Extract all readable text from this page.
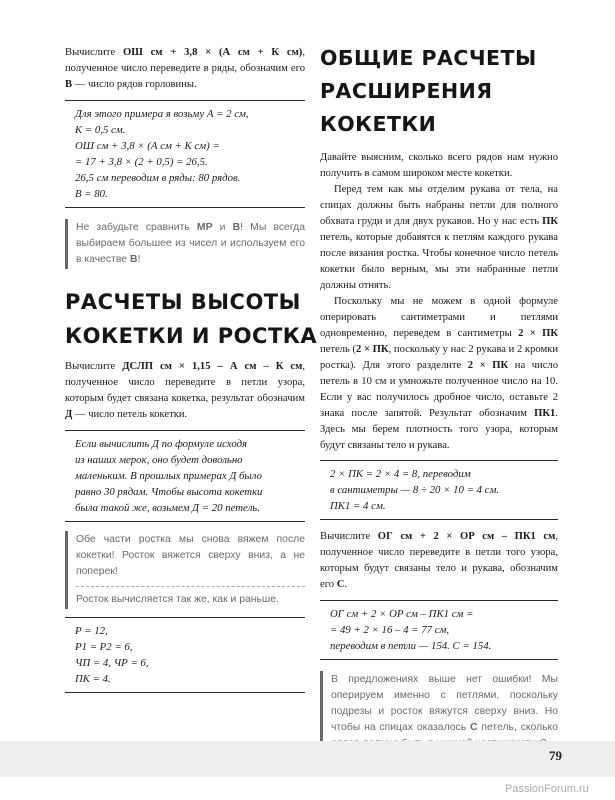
Вычислите ОШ см + 3,8 × (А см + К см), полученное число переведите в ряды, обозначим его В — число рядов горловины.

Для этого примера я возьму А = 2 см,
К = 0,5 см.
ОШ см + 3,8 × (А см + К см) =
= 17 + 3,8 × (2 + 0,5) = 26,5.
26,5 см переводим в ряды: 80 рядов.
В = 80.

Не забудьте сравнить МР и В! Мы всегда выбираем большее из чисел и используем его в качестве В!

РАСЧЕТЫ ВЫСОТЫ
КОКЕТКИ И РОСТКА

Вычислите ДСЛП см × 1,15 – А см – К см, полученное число переведите в петли узора, которым будет связана кокетка, результат обозначим Д — число петель кокетки.

Если вычислить Д по формуле исходя
из наших мерок, оно будет довольно
маленьким. В прошлых примерах Д было
равно 30 рядам. Чтобы высота кокетки
была такой же, возьмем Д = 20 петель.

Обе части ростка мы снова вяжем после кокетки! Росток вяжется сверху вниз, а не поперек!

Росток вычисляется так же, как и раньше.

Р = 12,
Р1 = Р2 = 6,
ЧП = 4, ЧР = 6,
ПК = 4.
ОБЩИЕ РАСЧЕТЫ
РАСШИРЕНИЯ
КОКЕТКИ

Давайте выясним, сколько всего рядов нам нужно получить в самом широком месте кокетки.

Перед тем как мы отделим рукава от тела, на спицах должны быть набраны петли для полного обхвата груди и для двух рукавов. Но у нас есть ПК петель, которые добавятся к петлям каждого рукава после вязания ростка. Чтобы конечное число петель кокетки было верным, мы эти набранные петли должны отнять.

Поскольку мы не можем в одной формуле оперировать сантиметрами и петлями одновременно, переведем в сантиметры 2 × ПК петель (2 × ПК, поскольку у нас 2 рукава и 2 кромки ростка). Для этого разделите 2 × ПК на число петель в 10 см и умножьте полученное число на 10. Если у вас получилось дробное число, оставьте 2 знака после запятой. Результат обозначим ПК1. Здесь мы берем плотность того узора, которым будут связаны тело и рукава.

2 × ПК = 2 × 4 = 8, переводим
в сантиметры — 8 ÷ 20 × 10 = 4 см.
ПК1 = 4 см.

Вычислите ОГ см + 2 × ОР см – ПК1 см, полученное число переведите в петли того узора, которым будут связаны тело и рукава, обозначим его С.

ОГ см + 2 × ОР см – ПК1 см =
= 49 + 2 × 16 – 4 = 77 см,
переводим в петли — 154. С = 154.

В предложениях выше нет ошибки! Мы оперируем именно с петлями, поскольку подрезы и росток вяжутся сверху вниз. Но чтобы на спицах оказалось С петель, сколько

79
PassionForum.ru
